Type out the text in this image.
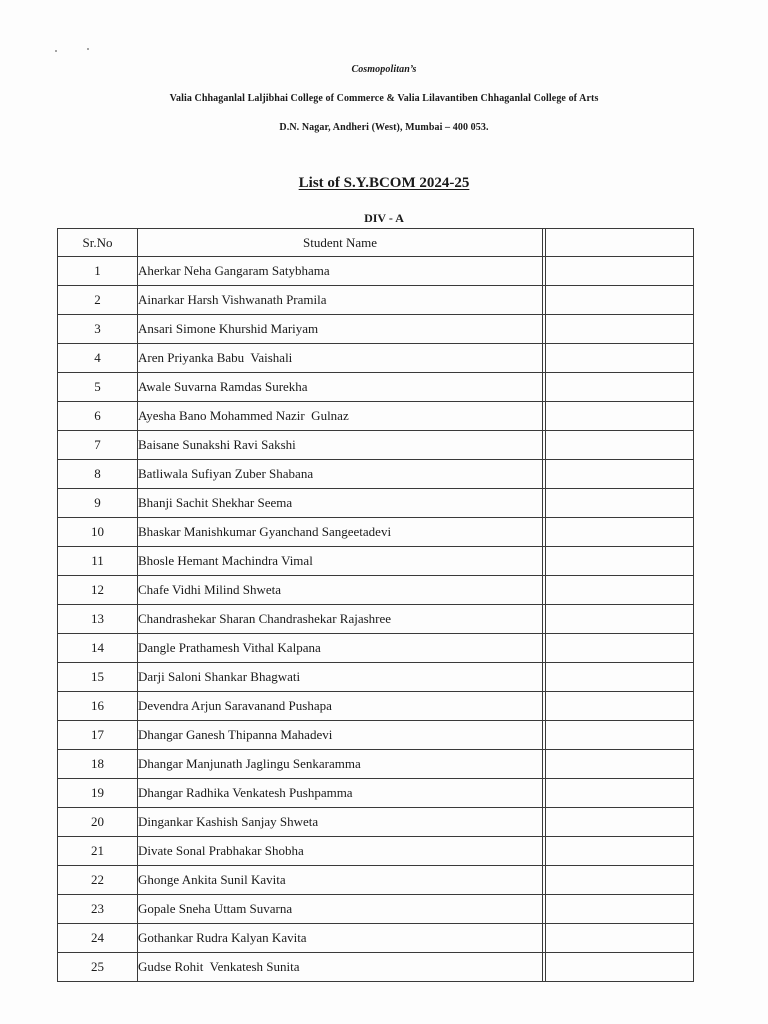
Cosmopolitan’s
Valia Chhaganlal Laljibhai College of Commerce & Valia Lilavantiben Chhaganlal College of Arts
D.N. Nagar, Andheri (West), Mumbai – 400 053.
List of S.Y.BCOM 2024-25
DIV - A
Sr.No	Student Name		
1	Aherkar Neha Gangaram Satybhama		
2	Ainarkar Harsh Vishwanath Pramila		
3	Ansari Simone Khurshid Mariyam		
4	Aren Priyanka Babu  Vaishali		
5	Awale Suvarna Ramdas Surekha		
6	Ayesha Bano Mohammed Nazir  Gulnaz		
7	Baisane Sunakshi Ravi Sakshi		
8	Batliwala Sufiyan Zuber Shabana		
9	Bhanji Sachit Shekhar Seema		
10	Bhaskar Manishkumar Gyanchand Sangeetadevi		
11	Bhosle Hemant Machindra Vimal		
12	Chafe Vidhi Milind Shweta		
13	Chandrashekar Sharan Chandrashekar Rajashree		
14	Dangle Prathamesh Vithal Kalpana		
15	Darji Saloni Shankar Bhagwati		
16	Devendra Arjun Saravanand Pushapa		
17	Dhangar Ganesh Thipanna Mahadevi		
18	Dhangar Manjunath Jaglingu Senkaramma		
19	Dhangar Radhika Venkatesh Pushpamma		
20	Dingankar Kashish Sanjay Shweta		
21	Divate Sonal Prabhakar Shobha		
22	Ghonge Ankita Sunil Kavita		
23	Gopale Sneha Uttam Suvarna		
24	Gothankar Rudra Kalyan Kavita		
25	Gudse Rohit  Venkatesh Sunita		
